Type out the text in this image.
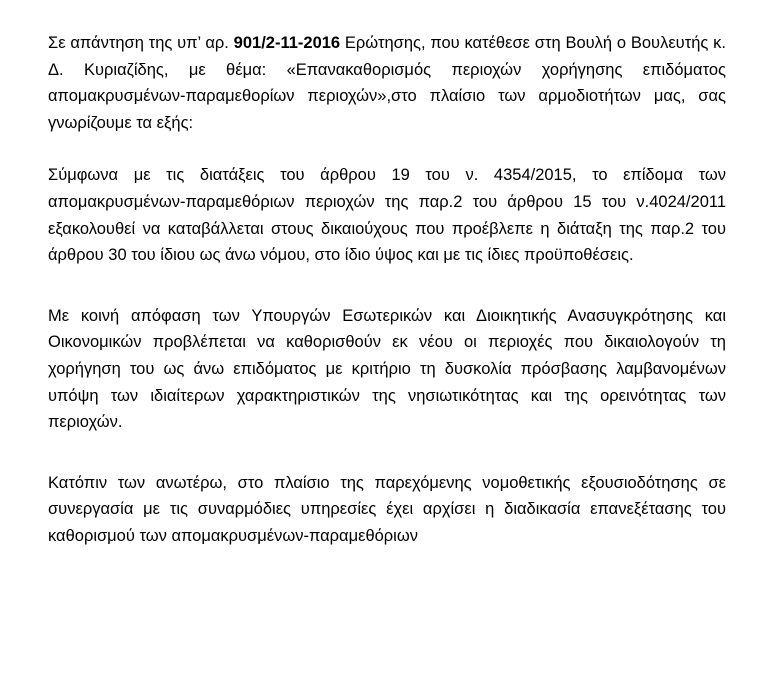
Σε απάντηση της υπ’ αρ. 901/2-11-2016 Ερώτησης, που κατέθεσε στη Βουλή ο Βουλευτής κ. Δ. Κυριαζίδης, με θέμα: «Επανακαθορισμός περιοχών χορήγησης επιδόματος απομακρυσμένων-παραμεθορίων περιοχών»,στο πλαίσιο των αρμοδιοτήτων μας, σας γνωρίζουμε τα εξής:

Σύμφωνα με τις διατάξεις του άρθρου 19 του ν. 4354/2015, το επίδομα των απομακρυσμένων-παραμεθόριων περιοχών της παρ.2 του άρθρου 15 του ν.4024/2011 εξακολουθεί να καταβάλλεται στους δικαιούχους που προέβλεπε η διάταξη της παρ.2 του άρθρου 30 του ίδιου ως άνω νόμου, στο ίδιο ύψος και με τις ίδιες προϋποθέσεις.

Με κοινή απόφαση των Υπουργών Εσωτερικών και Διοικητικής Ανασυγκρότησης και Οικονομικών προβλέπεται να καθορισθούν εκ νέου οι περιοχές που δικαιολογούν τη χορήγηση του ως άνω επιδόματος με κριτήριο τη δυσκολία πρόσβασης λαμβανομένων υπόψη των ιδιαίτερων χαρακτηριστικών της νησιωτικότητας και της ορεινότητας των περιοχών.

Κατόπιν των ανωτέρω, στο πλαίσιο της παρεχόμενης νομοθετικής εξουσιοδότησης σε συνεργασία με τις συναρμόδιες υπηρεσίες έχει αρχίσει η διαδικασία επανεξέτασης του καθορισμού των απομακρυσμένων-παραμεθόριων
